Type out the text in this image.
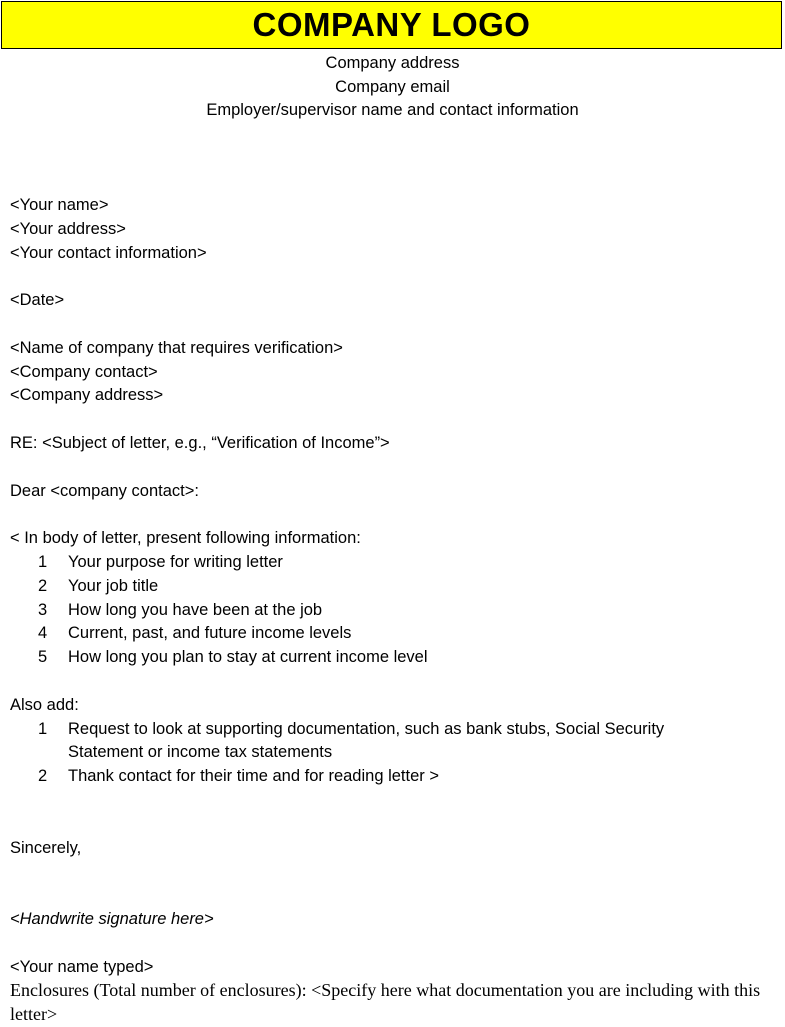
COMPANY LOGO
Company address
Company email
Employer/supervisor name and contact information
<Your name>
<Your address>
<Your contact information>
<Date>
<Name of company that requires verification>
<Company contact>
<Company address>
RE: <Subject of letter, e.g., “Verification of Income”>
Dear <company contact>:
< In body of letter, present following information:
1	Your purpose for writing letter
2	Your job title
3	How long you have been at the job
4	Current, past, and future income levels
5	How long you plan to stay at current income level
Also add:
1	Request to look at supporting documentation, such as bank stubs, Social Security Statement or income tax statements
2	Thank contact for their time and for reading letter >
Sincerely,
<Handwrite signature here>
<Your name typed>
Enclosures (Total number of enclosures): <Specify here what documentation you are including with this letter>
